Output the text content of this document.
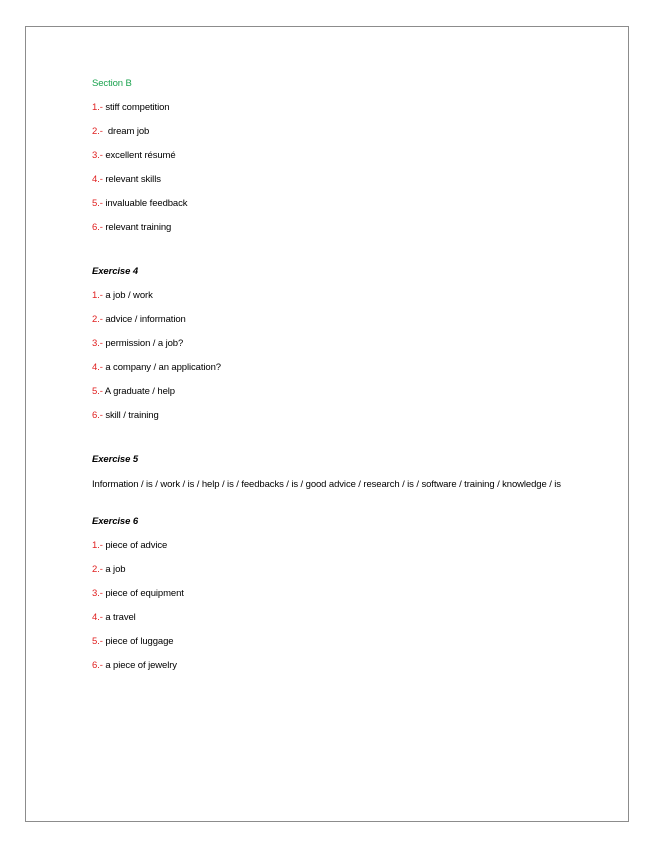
Section B
1.- stiff competition
2.-  dream job
3.- excellent résumé
4.- relevant skills
5.- invaluable feedback
6.- relevant training
Exercise 4
1.- a job / work
2.- advice / information
3.- permission / a job?
4.- a company / an application?
5.- A graduate / help
6.- skill / training
Exercise 5
Information / is / work / is / help / is / feedbacks / is / good advice / research / is / software / training / knowledge / is
Exercise 6
1.- piece of advice
2.- a job
3.- piece of equipment
4.- a travel
5.- piece of luggage
6.- a piece of jewelry
